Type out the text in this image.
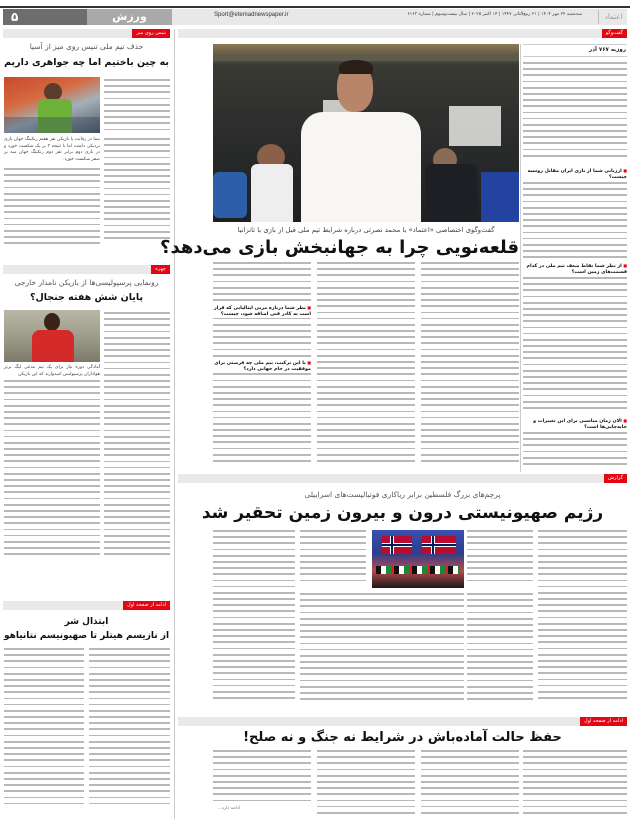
۵	ورزش	Sport@etemadnewspaper.ir	سه‌شنبه ۲۲ مهر ۱۴۰۴ | ۲۱ ربیع‌الثانی ۱۴۴۷ | ۱۴ اکتبر ۲۰۲۵ | سال بیست‌وسوم | شماره ۶۱۶۳	اعتماد
تنیس روی میز
حذف تیم ملی تنیس روی میز از آسیا
به چین باختیم اما چه جواهری داریم
نیما در رقابت با بازیکن نفر هفتم رنکینگ جهان بازی نزدیکی داشت اما با نتیجه ۳ بر یک شکست خورد و در بازی دوم برابر نفر دوم رنکینگ جهان سه بر صفر شکست خورد.
چهره
رونمایی پرسپولیسی‌ها از بازیکن نامدار خارجی
پایان شش هفته جنجال؟
آمادگی دوره نیاز برای یک تیم مدعی لیگ برتر هواداران پرسپولیس امیدوارند که این بازیکن
ادامه از صفحه اول
ابتذال شر
از نازیسم هیتلر تا صهیونیسم نتانیاهو
گفت‌وگو
گفت‌وگوی اختصاصی «اعتماد» با محمد نصرتی درباره شرایط تیم ملی قبل از بازی با تانزانیا
قلعه‌نویی چرا به جهانبخش بازی می‌دهد؟
■ نظر شما درباره مربی ایتالیایی که قرار است به کادر فنی اضافه شود، چیست؟
■ با این ترکیب، تیم ملی چه فرصتی برای موفقیت در جام جهانی دارد؟
روزبه ۷۶۷ آذر
■ ارزیابی شما از بازی ایران مقابل روسیه چیست؟
■ از نظر شما نقاط ضعف تیم ملی در کدام قسمت‌های زمین است؟
■ الان زمان مناسبی برای این تغییرات و جابه‌جایی‌ها است؟
گزارش
پرچم‌های بزرگ فلسطین برابر ریاکاری فوتبالیست‌های اسراییلی
رژیم صهیونیستی درون و بیرون زمین تحقیر شد
ادامه از صفحه اول
حفظ حالت آماده‌باش در شرایط نه جنگ و نه صلح!
ادامه دارد...
